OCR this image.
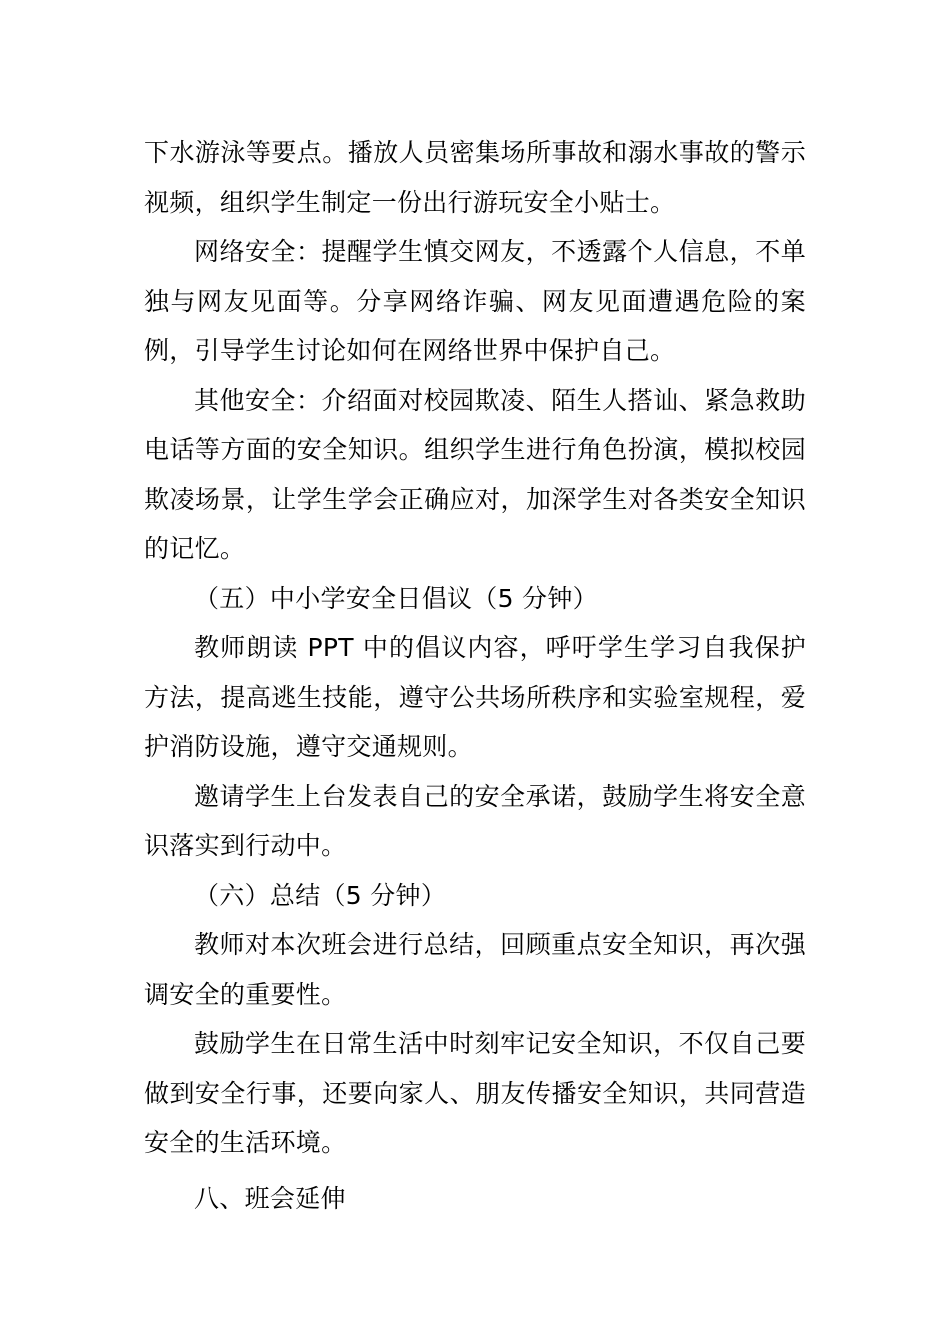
下水游泳等要点。播放人员密集场所事故和溺水事故的警示视频，组织学生制定一份出行游玩安全小贴士。

网络安全：提醒学生慎交网友，不透露个人信息，不单独与网友见面等。分享网络诈骗、网友见面遭遇危险的案例，引导学生讨论如何在网络世界中保护自己。

其他安全：介绍面对校园欺凌、陌生人搭讪、紧急救助电话等方面的安全知识。组织学生进行角色扮演，模拟校园欺凌场景，让学生学会正确应对，加深学生对各类安全知识的记忆。

（五）中小学安全日倡议（5 分钟）

教师朗读 PPT 中的倡议内容，呼吁学生学习自我保护方法，提高逃生技能，遵守公共场所秩序和实验室规程，爱护消防设施，遵守交通规则。

邀请学生上台发表自己的安全承诺，鼓励学生将安全意识落实到行动中。

（六）总结（5 分钟）

教师对本次班会进行总结，回顾重点安全知识，再次强调安全的重要性。

鼓励学生在日常生活中时刻牢记安全知识，不仅自己要做到安全行事，还要向家人、朋友传播安全知识，共同营造安全的生活环境。

八、班会延伸
